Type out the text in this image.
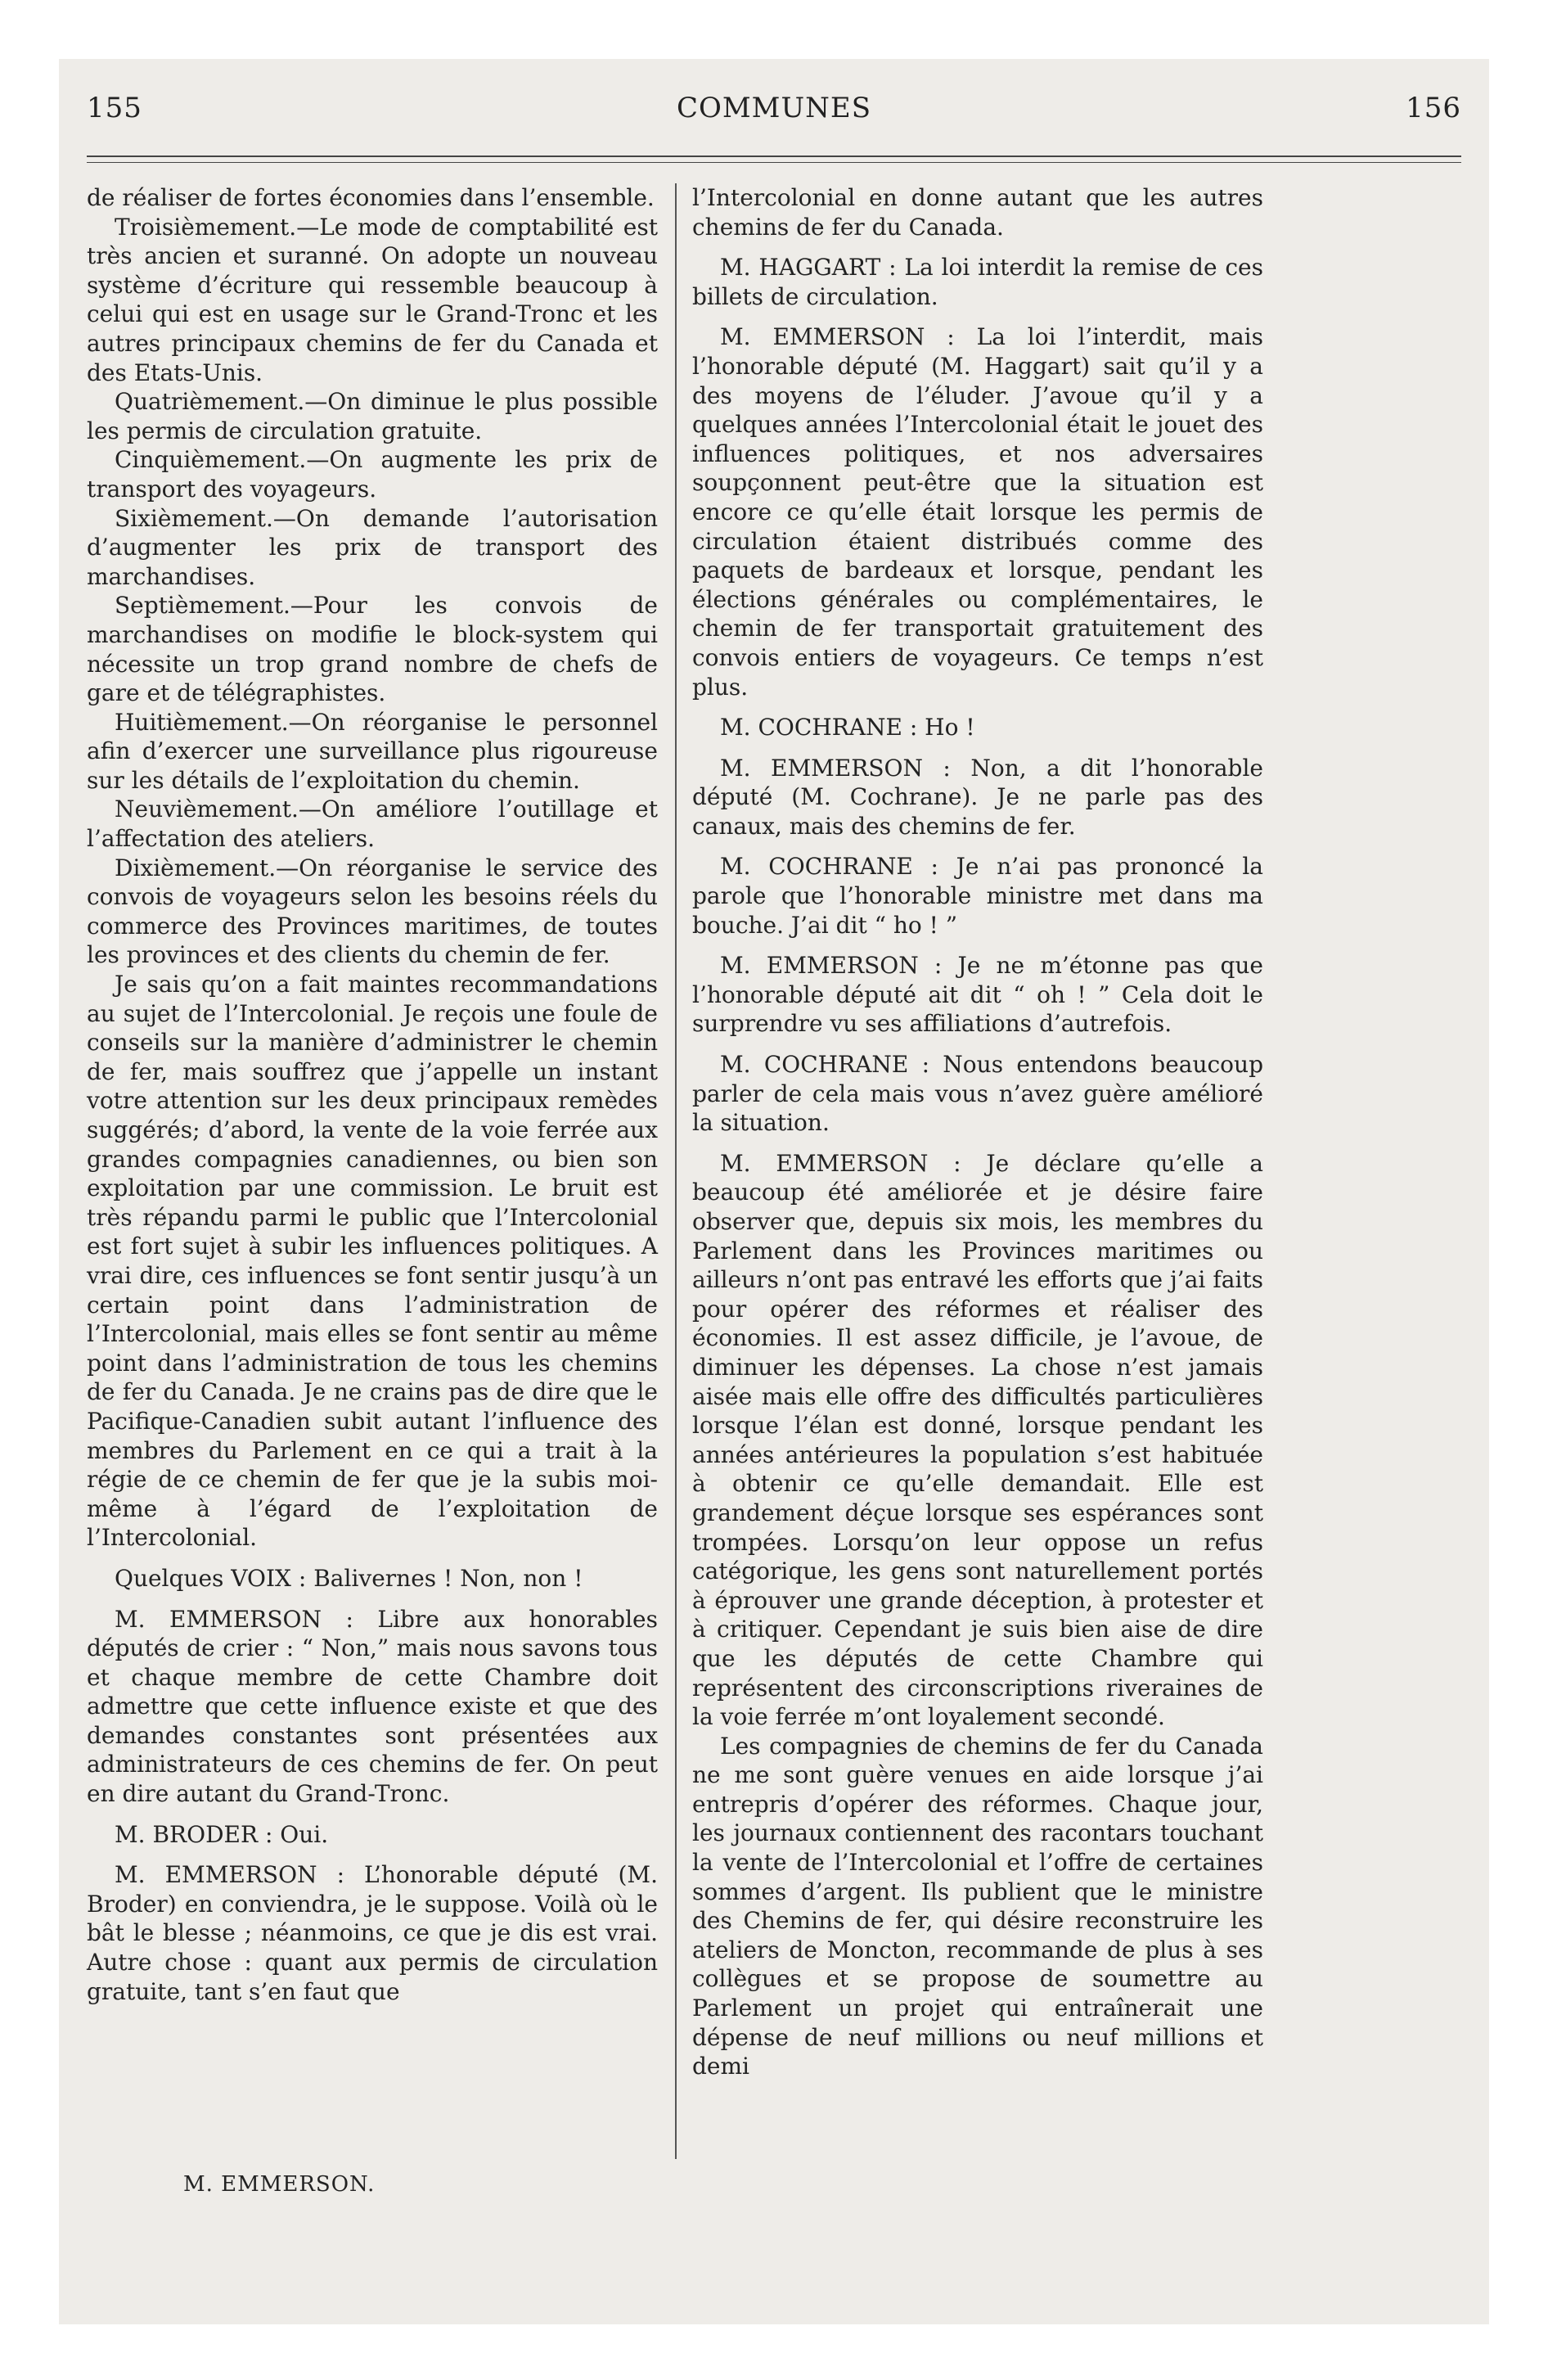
155	COMMUNES	156

de réaliser de fortes économies dans l’ensemble.

Troisièmement.—Le mode de comptabilité est très ancien et suranné. On adopte un nouveau système d’écriture qui ressemble beaucoup à celui qui est en usage sur le Grand-Tronc et les autres principaux chemins de fer du Canada et des Etats-Unis.

Quatrièmement.—On diminue le plus possible les permis de circulation gratuite.

Cinquièmement.—On augmente les prix de transport des voyageurs.

Sixièmement.—On demande l’autorisation d’augmenter les prix de transport des marchandises.

Septièmement.—Pour les convois de marchandises on modifie le block-system qui nécessite un trop grand nombre de chefs de gare et de télégraphistes.

Huitièmement.—On réorganise le personnel afin d’exercer une surveillance plus rigoureuse sur les détails de l’exploitation du chemin.

Neuvièmement.—On améliore l’outillage et l’affectation des ateliers.

Dixièmement.—On réorganise le service des convois de voyageurs selon les besoins réels du commerce des Provinces maritimes, de toutes les provinces et des clients du chemin de fer.

Je sais qu’on a fait maintes recommandations au sujet de l’Intercolonial. Je reçois une foule de conseils sur la manière d’administrer le chemin de fer, mais souffrez que j’appelle un instant votre attention sur les deux principaux remèdes suggérés; d’abord, la vente de la voie ferrée aux grandes compagnies canadiennes, ou bien son exploitation par une commission. Le bruit est très répandu parmi le public que l’Intercolonial est fort sujet à subir les influences politiques. A vrai dire, ces influences se font sentir jusqu’à un certain point dans l’administration de l’Intercolonial, mais elles se font sentir au même point dans l’administration de tous les chemins de fer du Canada. Je ne crains pas de dire que le Pacifique-Canadien subit autant l’influence des membres du Parlement en ce qui a trait à la régie de ce chemin de fer que je la subis moi-même à l’égard de l’exploitation de l’Intercolonial.

Quelques VOIX : Balivernes ! Non, non !

M. EMMERSON : Libre aux honorables députés de crier : “ Non,” mais nous savons tous et chaque membre de cette Chambre doit admettre que cette influence existe et que des demandes constantes sont présentées aux administrateurs de ces chemins de fer. On peut en dire autant du Grand-Tronc.

M. BRODER : Oui.

M. EMMERSON : L’honorable député (M. Broder) en conviendra, je le suppose. Voilà où le bât le blesse ; néanmoins, ce que je dis est vrai. Autre chose : quant aux permis de circulation gratuite, tant s’en faut que

l’Intercolonial en donne autant que les autres chemins de fer du Canada.

M. HAGGART : La loi interdit la remise de ces billets de circulation.

M. EMMERSON : La loi l’interdit, mais l’honorable député (M. Haggart) sait qu’il y a des moyens de l’éluder. J’avoue qu’il y a quelques années l’Intercolonial était le jouet des influences politiques, et nos adversaires soupçonnent peut-être que la situation est encore ce qu’elle était lorsque les permis de circulation étaient distribués comme des paquets de bardeaux et lorsque, pendant les élections générales ou complémentaires, le chemin de fer transportait gratuitement des convois entiers de voyageurs. Ce temps n’est plus.

M. COCHRANE : Ho !

M. EMMERSON : Non, a dit l’honorable député (M. Cochrane). Je ne parle pas des canaux, mais des chemins de fer.

M. COCHRANE : Je n’ai pas prononcé la parole que l’honorable ministre met dans ma bouche. J’ai dit “ ho ! ”

M. EMMERSON : Je ne m’étonne pas que l’honorable député ait dit “ oh ! ” Cela doit le surprendre vu ses affiliations d’autrefois.

M. COCHRANE : Nous entendons beaucoup parler de cela mais vous n’avez guère amélioré la situation.

M. EMMERSON : Je déclare qu’elle a beaucoup été améliorée et je désire faire observer que, depuis six mois, les membres du Parlement dans les Provinces maritimes ou ailleurs n’ont pas entravé les efforts que j’ai faits pour opérer des réformes et réaliser des économies. Il est assez difficile, je l’avoue, de diminuer les dépenses. La chose n’est jamais aisée mais elle offre des difficultés particulières lorsque l’élan est donné, lorsque pendant les années antérieures la population s’est habituée à obtenir ce qu’elle demandait. Elle est grandement déçue lorsque ses espérances sont trompées. Lorsqu’on leur oppose un refus catégorique, les gens sont naturellement portés à éprouver une grande déception, à protester et à critiquer. Cependant je suis bien aise de dire que les députés de cette Chambre qui représentent des circonscriptions riveraines de la voie ferrée m’ont loyalement secondé.

Les compagnies de chemins de fer du Canada ne me sont guère venues en aide lorsque j’ai entrepris d’opérer des réformes. Chaque jour, les journaux contiennent des racontars touchant la vente de l’Intercolonial et l’offre de certaines sommes d’argent. Ils publient que le ministre des Chemins de fer, qui désire reconstruire les ateliers de Moncton, recommande de plus à ses collègues et se propose de soumettre au Parlement un projet qui entraînerait une dépense de neuf millions ou neuf millions et demi

M. EMMERSON.
